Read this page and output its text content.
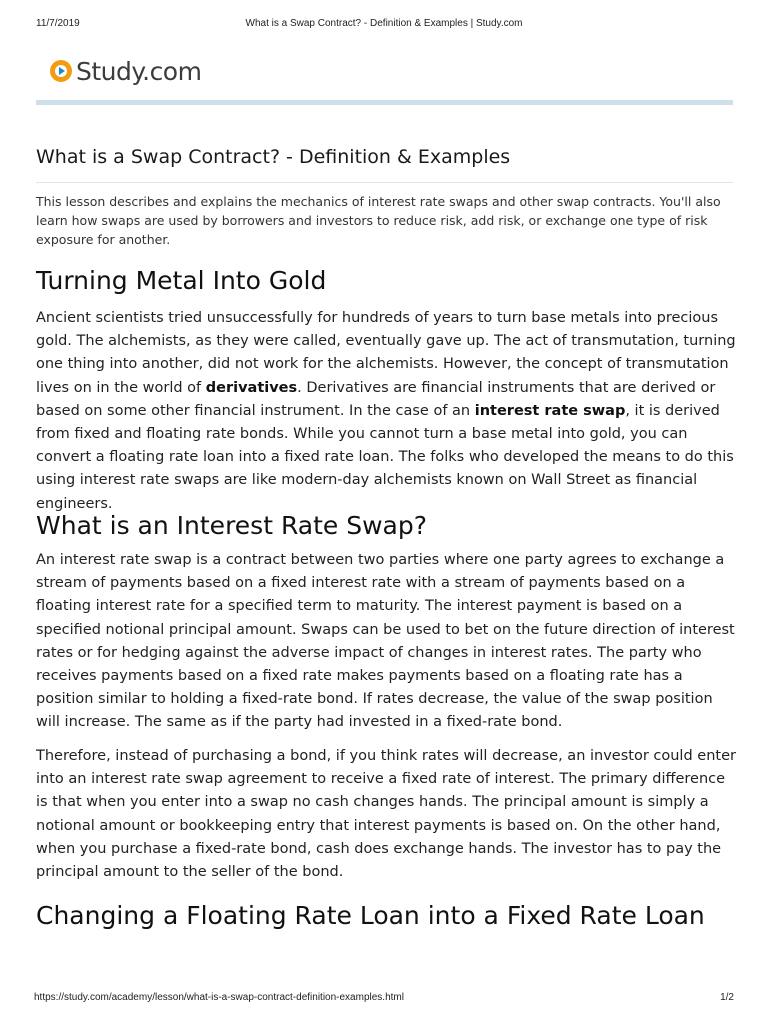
11/7/2019	What is a Swap Contract? - Definition & Examples | Study.com
Study.com
What is a Swap Contract? - Definition & Examples

This lesson describes and explains the mechanics of interest rate swaps and other swap contracts. You'll also learn how swaps are used by borrowers and investors to reduce risk, add risk, or exchange one type of risk exposure for another.

Turning Metal Into Gold

Ancient scientists tried unsuccessfully for hundreds of years to turn base metals into precious gold. The alchemists, as they were called, eventually gave up. The act of transmutation, turning one thing into another, did not work for the alchemists. However, the concept of transmutation lives on in the world of derivatives. Derivatives are financial instruments that are derived or based on some other financial instrument. In the case of an interest rate swap, it is derived from fixed and floating rate bonds. While you cannot turn a base metal into gold, you can convert a floating rate loan into a fixed rate loan. The folks who developed the means to do this using interest rate swaps are like modern-day alchemists known on Wall Street as financial engineers.

What is an Interest Rate Swap?

An interest rate swap is a contract between two parties where one party agrees to exchange a stream of payments based on a fixed interest rate with a stream of payments based on a floating interest rate for a specified term to maturity. The interest payment is based on a specified notional principal amount. Swaps can be used to bet on the future direction of interest rates or for hedging against the adverse impact of changes in interest rates. The party who receives payments based on a fixed rate makes payments based on a floating rate has a position similar to holding a fixed-rate bond. If rates decrease, the value of the swap position will increase. The same as if the party had invested in a fixed-rate bond.

Therefore, instead of purchasing a bond, if you think rates will decrease, an investor could enter into an interest rate swap agreement to receive a fixed rate of interest. The primary difference is that when you enter into a swap no cash changes hands. The principal amount is simply a notional amount or bookkeeping entry that interest payments is based on. On the other hand, when you purchase a fixed-rate bond, cash does exchange hands. The investor has to pay the principal amount to the seller of the bond.

Changing a Floating Rate Loan into a Fixed Rate Loan
https://study.com/academy/lesson/what-is-a-swap-contract-definition-examples.html	1/2
